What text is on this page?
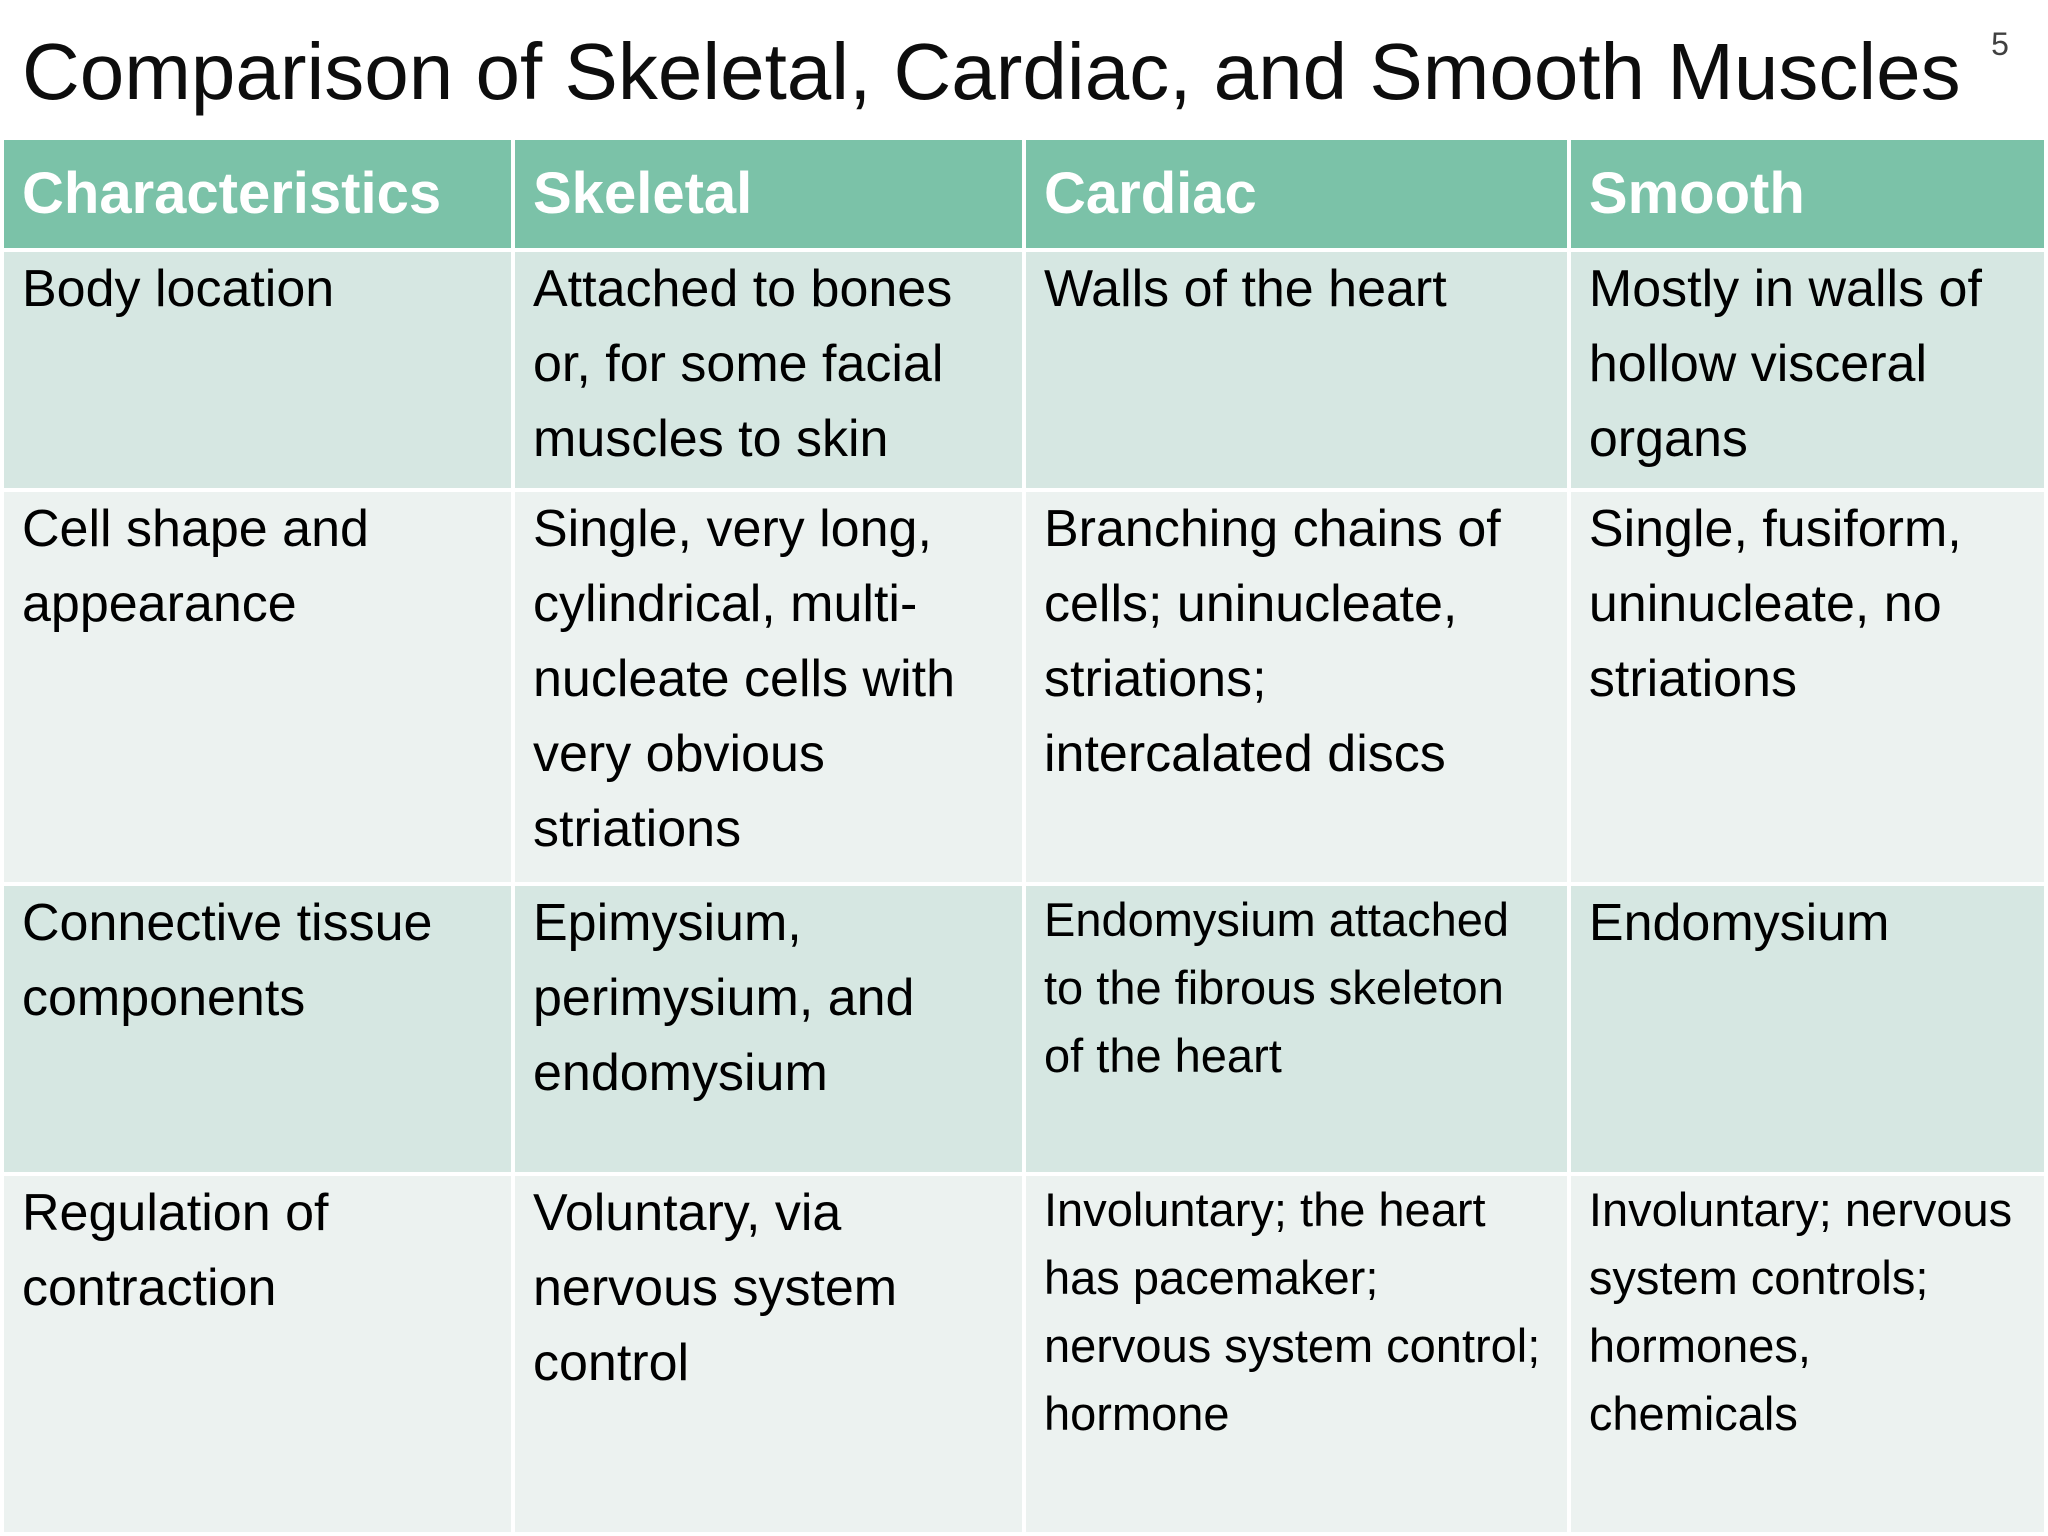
Comparison of Skeletal, Cardiac, and Smooth Muscles 5
Characteristics	Skeletal	Cardiac	Smooth

Body location	Attached to bones or, for some facial muscles to skin	Walls of the heart	Mostly in walls of hollow visceral organs

Cell shape and appearance	Single, very long, cylindrical, multi-nucleate cells with very obvious striations	Branching chains of cells; uninucleate, striations; intercalated discs	Single, fusiform, uninucleate, no striations

Connective tissue components	Epimysium, perimysium, and endomysium	Endomysium attached to the fibrous skeleton of the heart	Endomysium

Regulation of contraction	Voluntary, via nervous system control	Involuntary; the heart has pacemaker; nervous system control; hormone	Involuntary; nervous system controls; hormones, chemicals
